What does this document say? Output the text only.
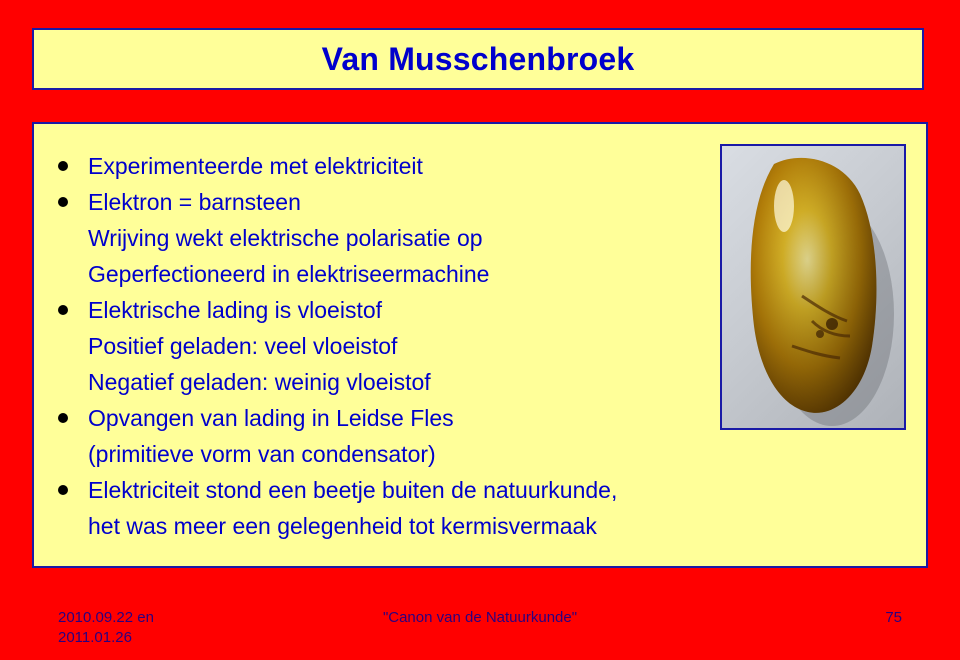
Van Musschenbroek
Experimenteerde met elektriciteit
Elektron = barnsteen
Wrijving wekt elektrische polarisatie op
Geperfectioneerd in elektriseermachine
Elektrische lading is vloeistof
Positief geladen: veel vloeistof
Negatief geladen: weinig vloeistof
Opvangen van lading in Leidse Fles
(primitieve vorm van condensator)
Elektriciteit stond een beetje buiten de natuurkunde,
het was meer een gelegenheid tot kermisvermaak
2010.09.22 en 2011.01.26
"Canon van de Natuurkunde"	75
